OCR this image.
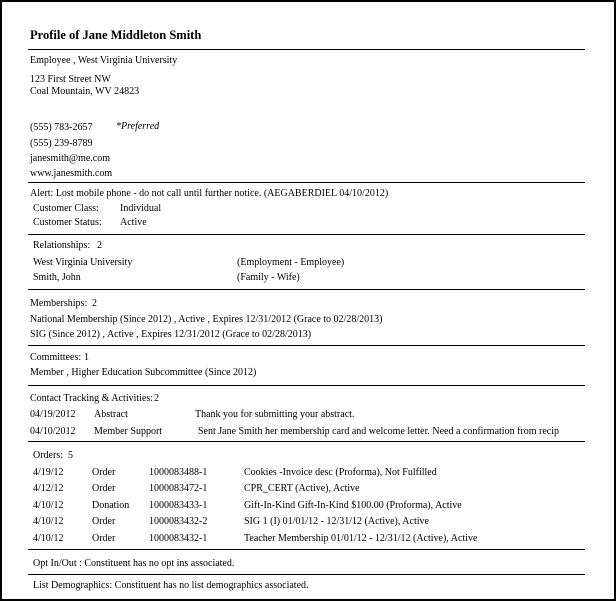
Profile of Jane Middleton Smith
Employee , West Virginia University
123 First Street NW
Coal Mountain, WV 24823
(555) 783-2657 *Preferred
(555) 239-8789
janesmith@me.com
www.janesmith.com
Alert: Lost mobile phone - do not call until further notice. (AEGABERDIEL 04/10/2012)
Customer Class: Individual
Customer Status: Active
Relationships: 2
West Virginia University	(Employment - Employee)
Smith, John	(Family - Wife)
Memberships: 2
National Membership (Since 2012) , Active , Expires 12/31/2012 (Grace to 02/28/2013)
SIG (Since 2012) , Active , Expires 12/31/2012 (Grace to 02/28/2013)
Committees: 1
Member , Higher Education Subcommittee (Since 2012)
Contact Tracking & Activities: 2
04/19/2012 Abstract	Thank you for submitting your abstract.
04/10/2012 Member Support	Sent Jane Smith her membership card and welcome letter. Need a confirmation from recip
Orders: 5
4/19/12	Order	1000083488-1	Cookies -Invoice desc (Proforma), Not Fulfilled
4/12/12	Order	1000083472-1	CPR_CERT (Active), Active
4/10/12	Donation 1000083433-1	Gift-In-Kind Gift-In-Kind $100.00 (Proforma), Active
4/10/12	Order	1000083432-2	SIG 1 (I) 01/01/12 - 12/31/12 (Active), Active
4/10/12	Order	1000083432-1	Teacher Membership 01/01/12 - 12/31/12 (Active), Active
Opt In/Out : Constituent has no opt ins associated.
List Demographics: Constituent has no list demographics associated.
